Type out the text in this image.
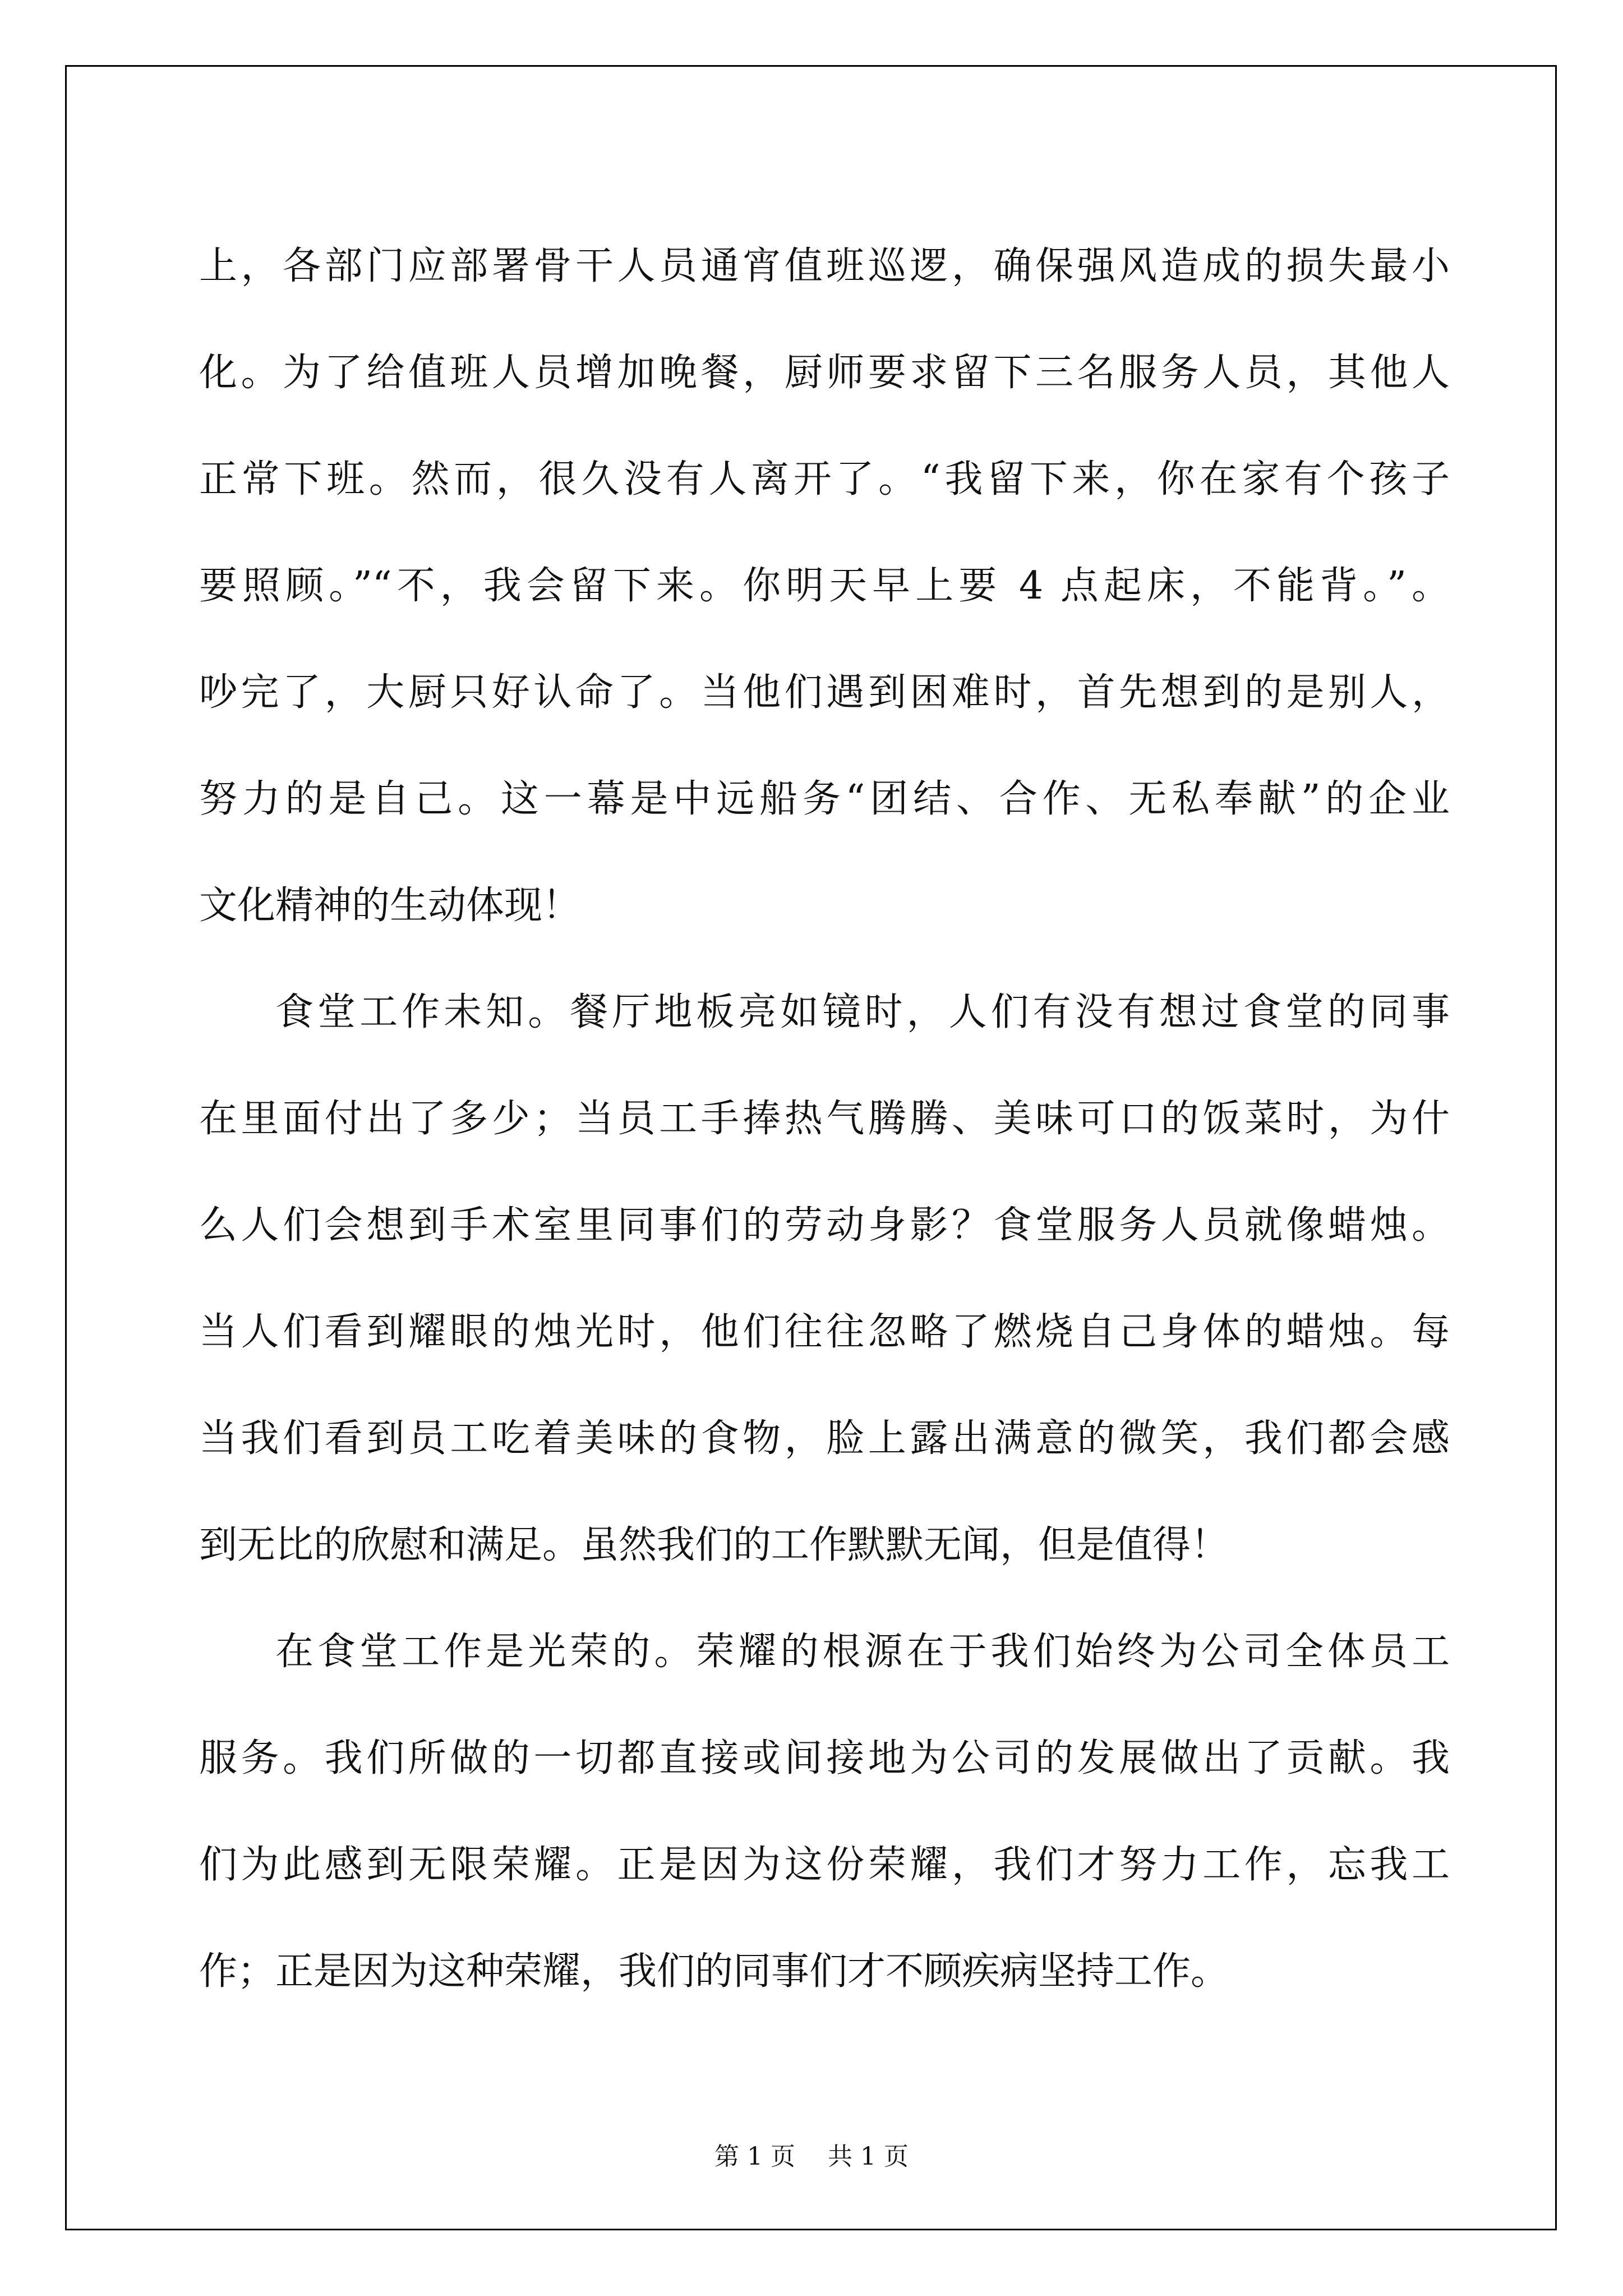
上，各部门应部署骨干人员通宵值班巡逻，确保强风造成的损失最小
化。为了给值班人员增加晚餐，厨师要求留下三名服务人员，其他人
正常下班。然而，很久没有人离开了。“我留下来，你在家有个孩子
要照顾。”“不，我会留下来。你明天早上要 4 点起床，不能背。”。
吵完了，大厨只好认命了。当他们遇到困难时，首先想到的是别人，
努力的是自己。这一幕是中远船务“团结、合作、无私奉献”的企业
文化精神的生动体现！
食堂工作未知。餐厅地板亮如镜时，人们有没有想过食堂的同事
在里面付出了多少；当员工手捧热气腾腾、美味可口的饭菜时，为什
么人们会想到手术室里同事们的劳动身影？食堂服务人员就像蜡烛。
当人们看到耀眼的烛光时，他们往往忽略了燃烧自己身体的蜡烛。每
当我们看到员工吃着美味的食物，脸上露出满意的微笑，我们都会感
到无比的欣慰和满足。虽然我们的工作默默无闻，但是值得！
在食堂工作是光荣的。荣耀的根源在于我们始终为公司全体员工
服务。我们所做的一切都直接或间接地为公司的发展做出了贡献。我
们为此感到无限荣耀。正是因为这份荣耀，我们才努力工作，忘我工
作；正是因为这种荣耀，我们的同事们才不顾疾病坚持工作。
第 1 页 共 1 页
